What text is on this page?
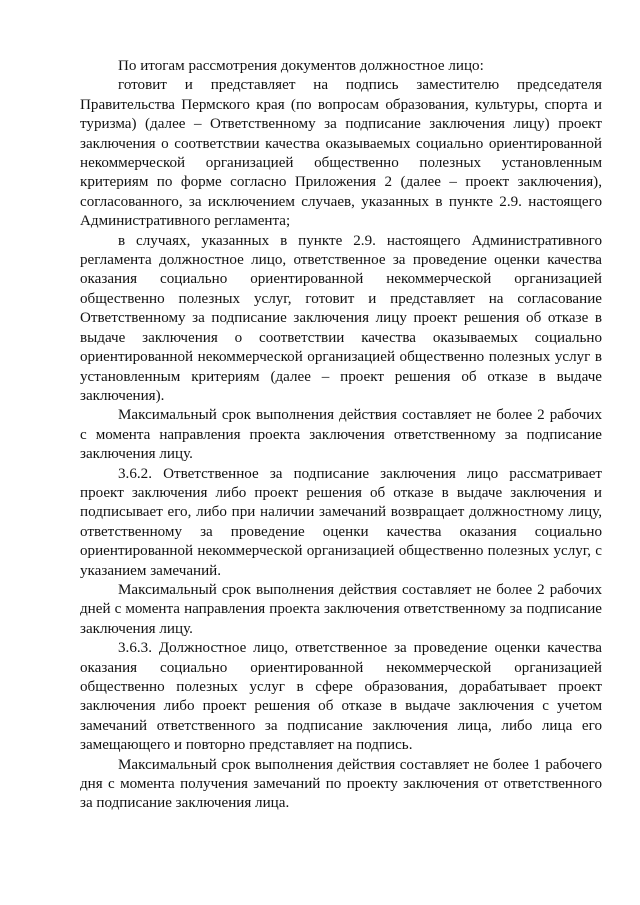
По итогам рассмотрения документов должностное лицо:

готовит и представляет на подпись заместителю председателя Правительства Пермского края (по вопросам образования, культуры, спорта и туризма) (далее – Ответственному за подписание заключения лицу) проект заключения о соответствии качества оказываемых социально ориентированной некоммерческой организацией общественно полезных установленным критериям по форме согласно Приложения 2 (далее – проект заключения), согласованного, за исключением случаев, указанных в пункте 2.9. настоящего Административного регламента;

в случаях, указанных в пункте 2.9. настоящего Административного регламента должностное лицо, ответственное за проведение оценки качества оказания социально ориентированной некоммерческой организацией общественно полезных услуг, готовит и представляет на согласование Ответственному за подписание заключения лицу проект решения об отказе в выдаче заключения о соответствии качества оказываемых социально ориентированной некоммерческой организацией общественно полезных услуг в установленным критериям (далее – проект решения об отказе в выдаче заключения).

Максимальный срок выполнения действия составляет не более 2 рабочих с момента направления проекта заключения ответственному за подписание заключения лицу.

3.6.2. Ответственное за подписание заключения лицо рассматривает проект заключения либо проект решения об отказе в выдаче заключения и подписывает его, либо при наличии замечаний возвращает должностному лицу, ответственному за проведение оценки качества оказания социально ориентированной некоммерческой организацией общественно полезных услуг, с указанием замечаний.

Максимальный срок выполнения действия составляет не более 2 рабочих дней с момента направления проекта заключения ответственному за подписание заключения лицу.

3.6.3. Должностное лицо, ответственное за проведение оценки качества оказания социально ориентированной некоммерческой организацией общественно полезных услуг в сфере образования, дорабатывает проект заключения либо проект решения об отказе в выдаче заключения с учетом замечаний ответственного за подписание заключения лица, либо лица его замещающего и повторно представляет на подпись.

Максимальный срок выполнения действия составляет не более 1 рабочего дня с момента получения замечаний по проекту заключения от ответственного за подписание заключения лица.
